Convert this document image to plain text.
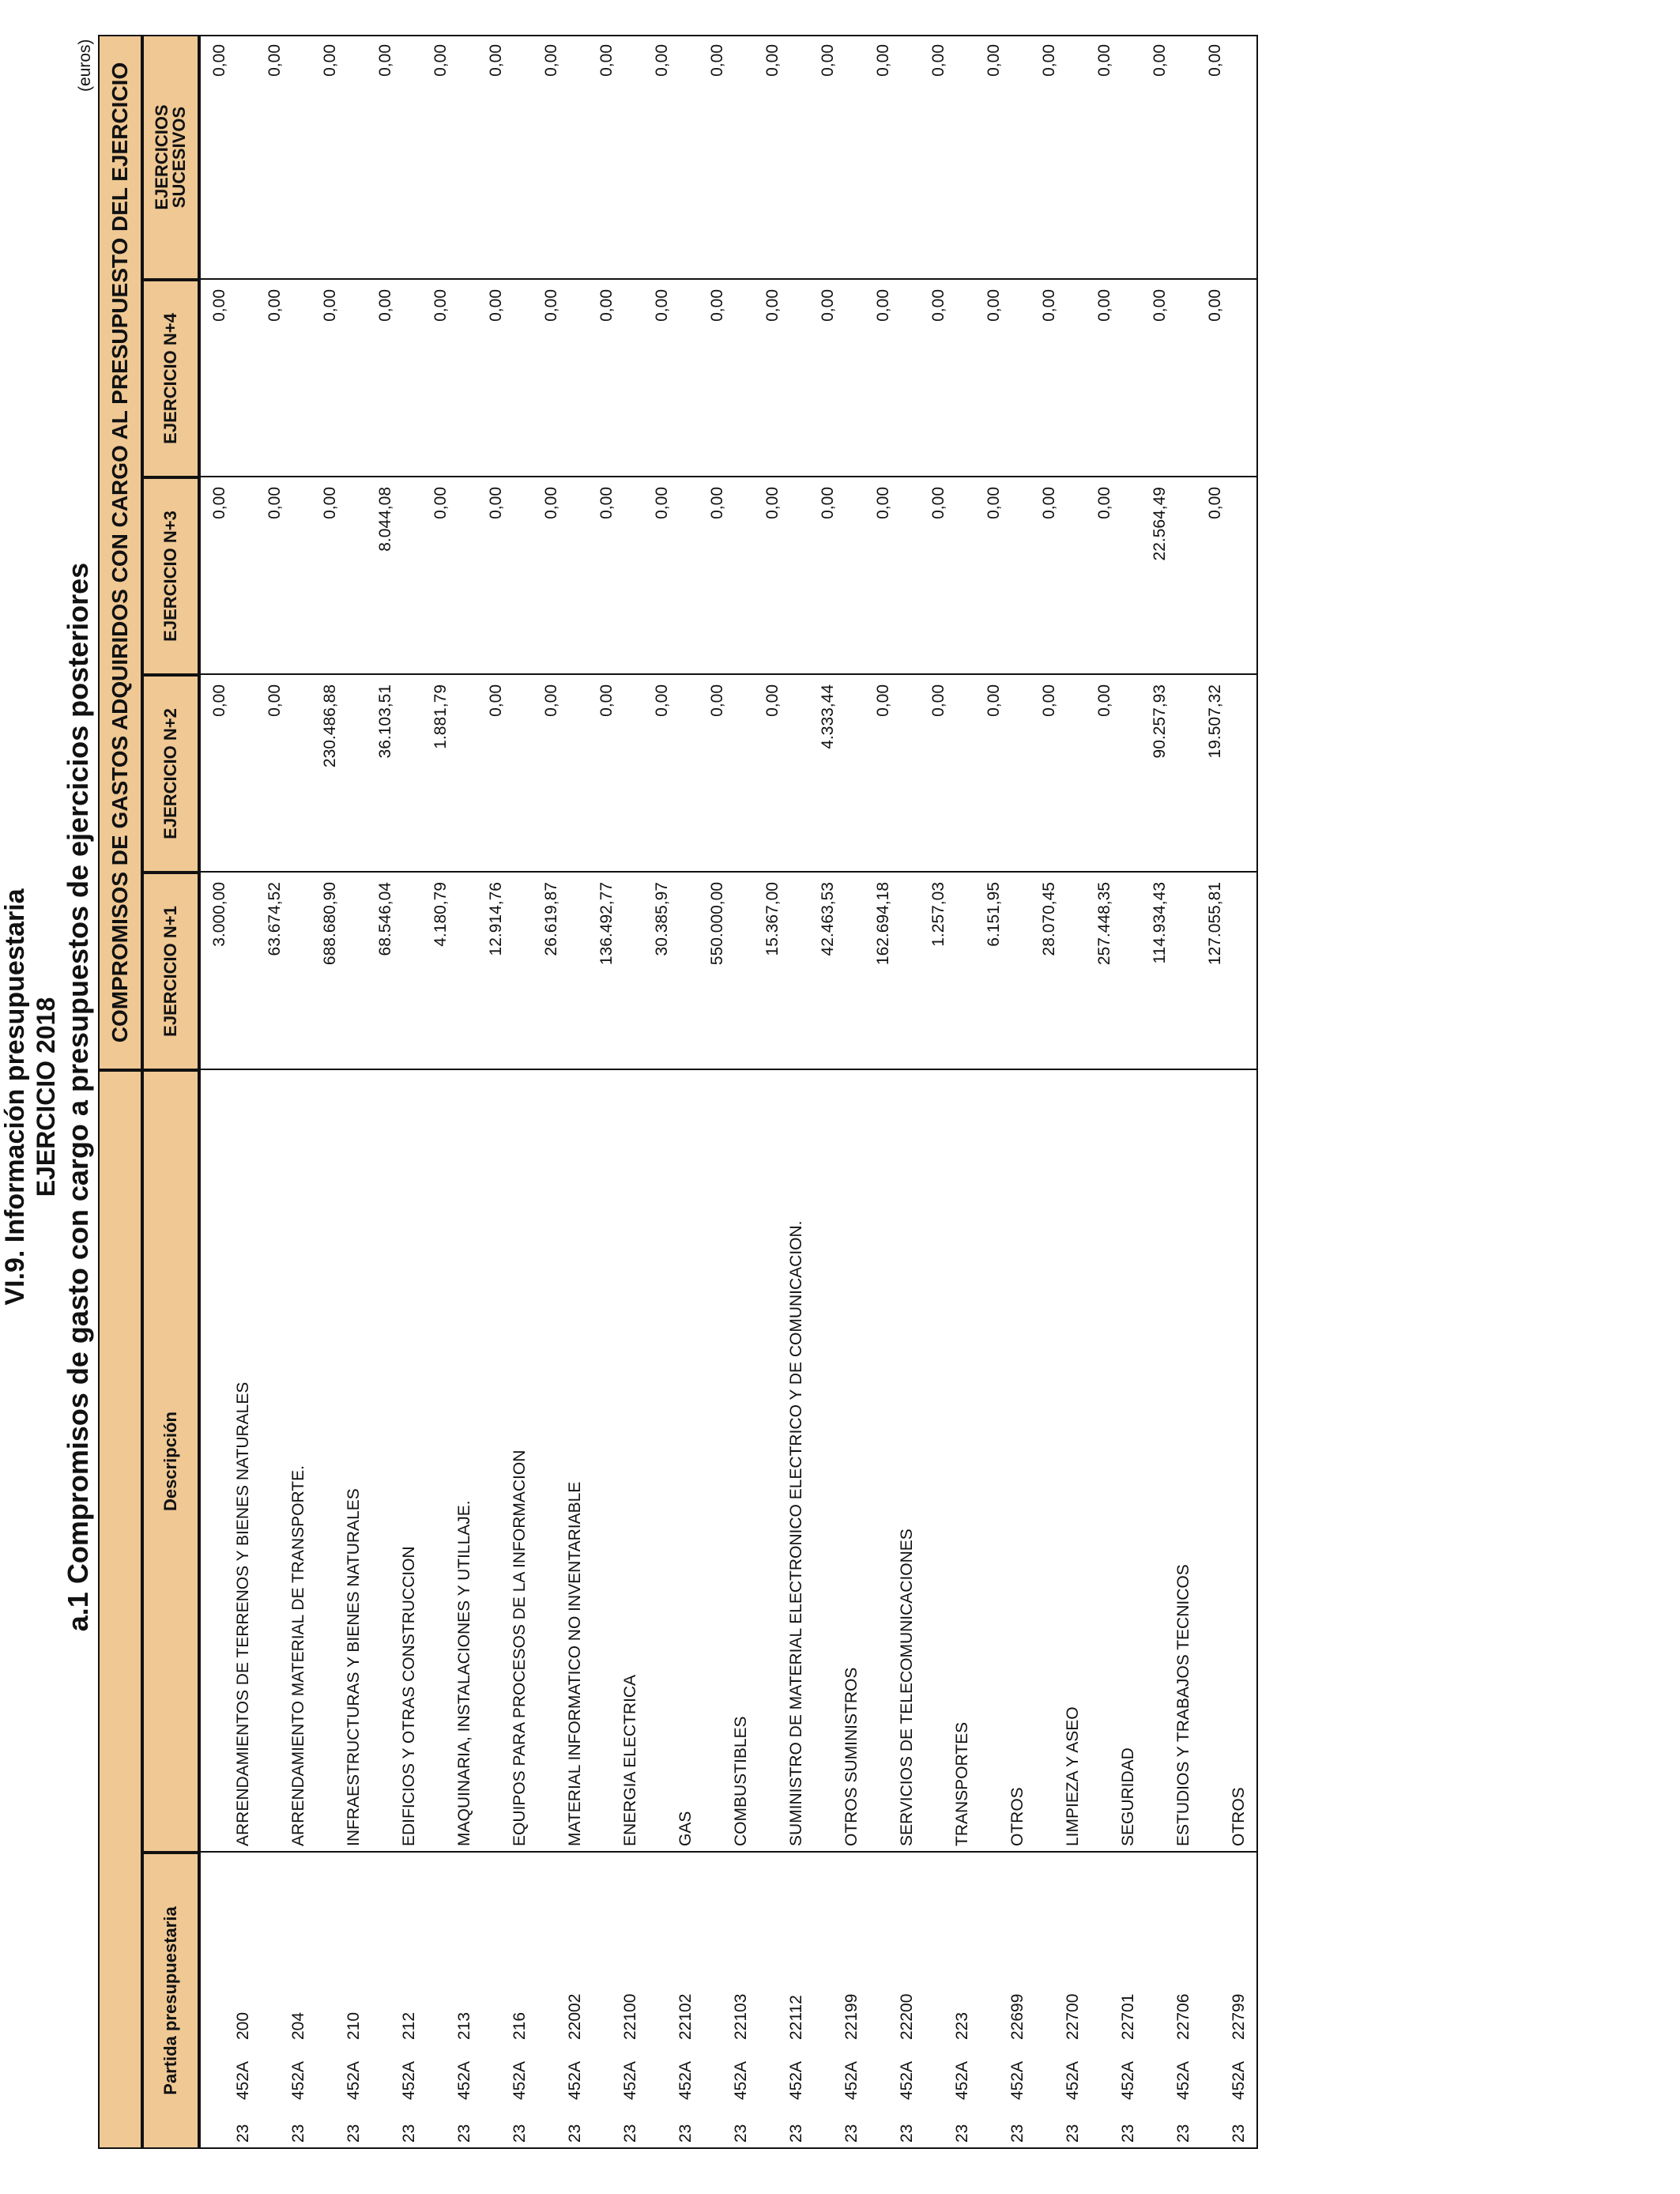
VI.9. Información presupuestaria EJERCICIO 2018 a.1 Compromisos de gasto con cargo a presupuestos de ejercicios posteriores
(euros) COMPROMISOS DE GASTOS ADQUIRIDOS CON CARGO AL PRESUPUESTO DEL EJERCICIO
Partida presupuestaria
Descripción
EJERCICIO N+1
EJERCICIO N+2
EJERCICIO N+3
EJERCICIO N+4
EJERCICIOS
SUCESIVOS
23
452A
200
ARRENDAMIENTOS DE TERRENOS Y BIENES NATURALES
3.000,00
0,00
0,00
0,00
0,00
23
452A
204
ARRENDAMIENTO MATERIAL DE TRANSPORTE.
63.674,52
0,00
0,00
0,00
0,00
23
452A
210
INFRAESTRUCTURAS Y BIENES NATURALES
688.680,90
230.486,88
0,00
0,00
0,00
23
452A
212
EDIFICIOS Y OTRAS CONSTRUCCION
68.546,04
36.103,51
8.044,08
0,00
0,00
23
452A
213
MAQUINARIA, INSTALACIONES Y UTILLAJE.
4.180,79
1.881,79
0,00
0,00
0,00
23
452A
216
EQUIPOS PARA PROCESOS DE LA INFORMACION
12.914,76
0,00
0,00
0,00
0,00
23
452A
22002
MATERIAL INFORMATICO NO INVENTARIABLE
26.619,87
0,00
0,00
0,00
0,00
23
452A
22100
ENERGIA ELECTRICA
136.492,77
0,00
0,00
0,00
0,00
23
452A
22102
GAS
30.385,97
0,00
0,00
0,00
0,00
23
452A
22103
COMBUSTIBLES
550.000,00
0,00
0,00
0,00
0,00
23
452A
22112
SUMINISTRO DE MATERIAL ELECTRONICO ELECTRICO Y DE COMUNICACION.
15.367,00
0,00
0,00
0,00
0,00
23
452A
22199
OTROS SUMINISTROS
42.463,53
4.333,44
0,00
0,00
0,00
23
452A
22200
SERVICIOS DE TELECOMUNICACIONES
162.694,18
0,00
0,00
0,00
0,00
23
452A
223
TRANSPORTES
1.257,03
0,00
0,00
0,00
0,00
23
452A
22699
OTROS
6.151,95
0,00
0,00
0,00
0,00
23
452A
22700
LIMPIEZA Y ASEO
28.070,45
0,00
0,00
0,00
0,00
23
452A
22701
SEGURIDAD
257.448,35
0,00
0,00
0,00
0,00
23
452A
22706
ESTUDIOS Y TRABAJOS TECNICOS
114.934,43
90.257,93
22.564,49
0,00
0,00
23
452A
22799
OTROS
127.055,81
19.507,32
0,00
0,00
0,00
